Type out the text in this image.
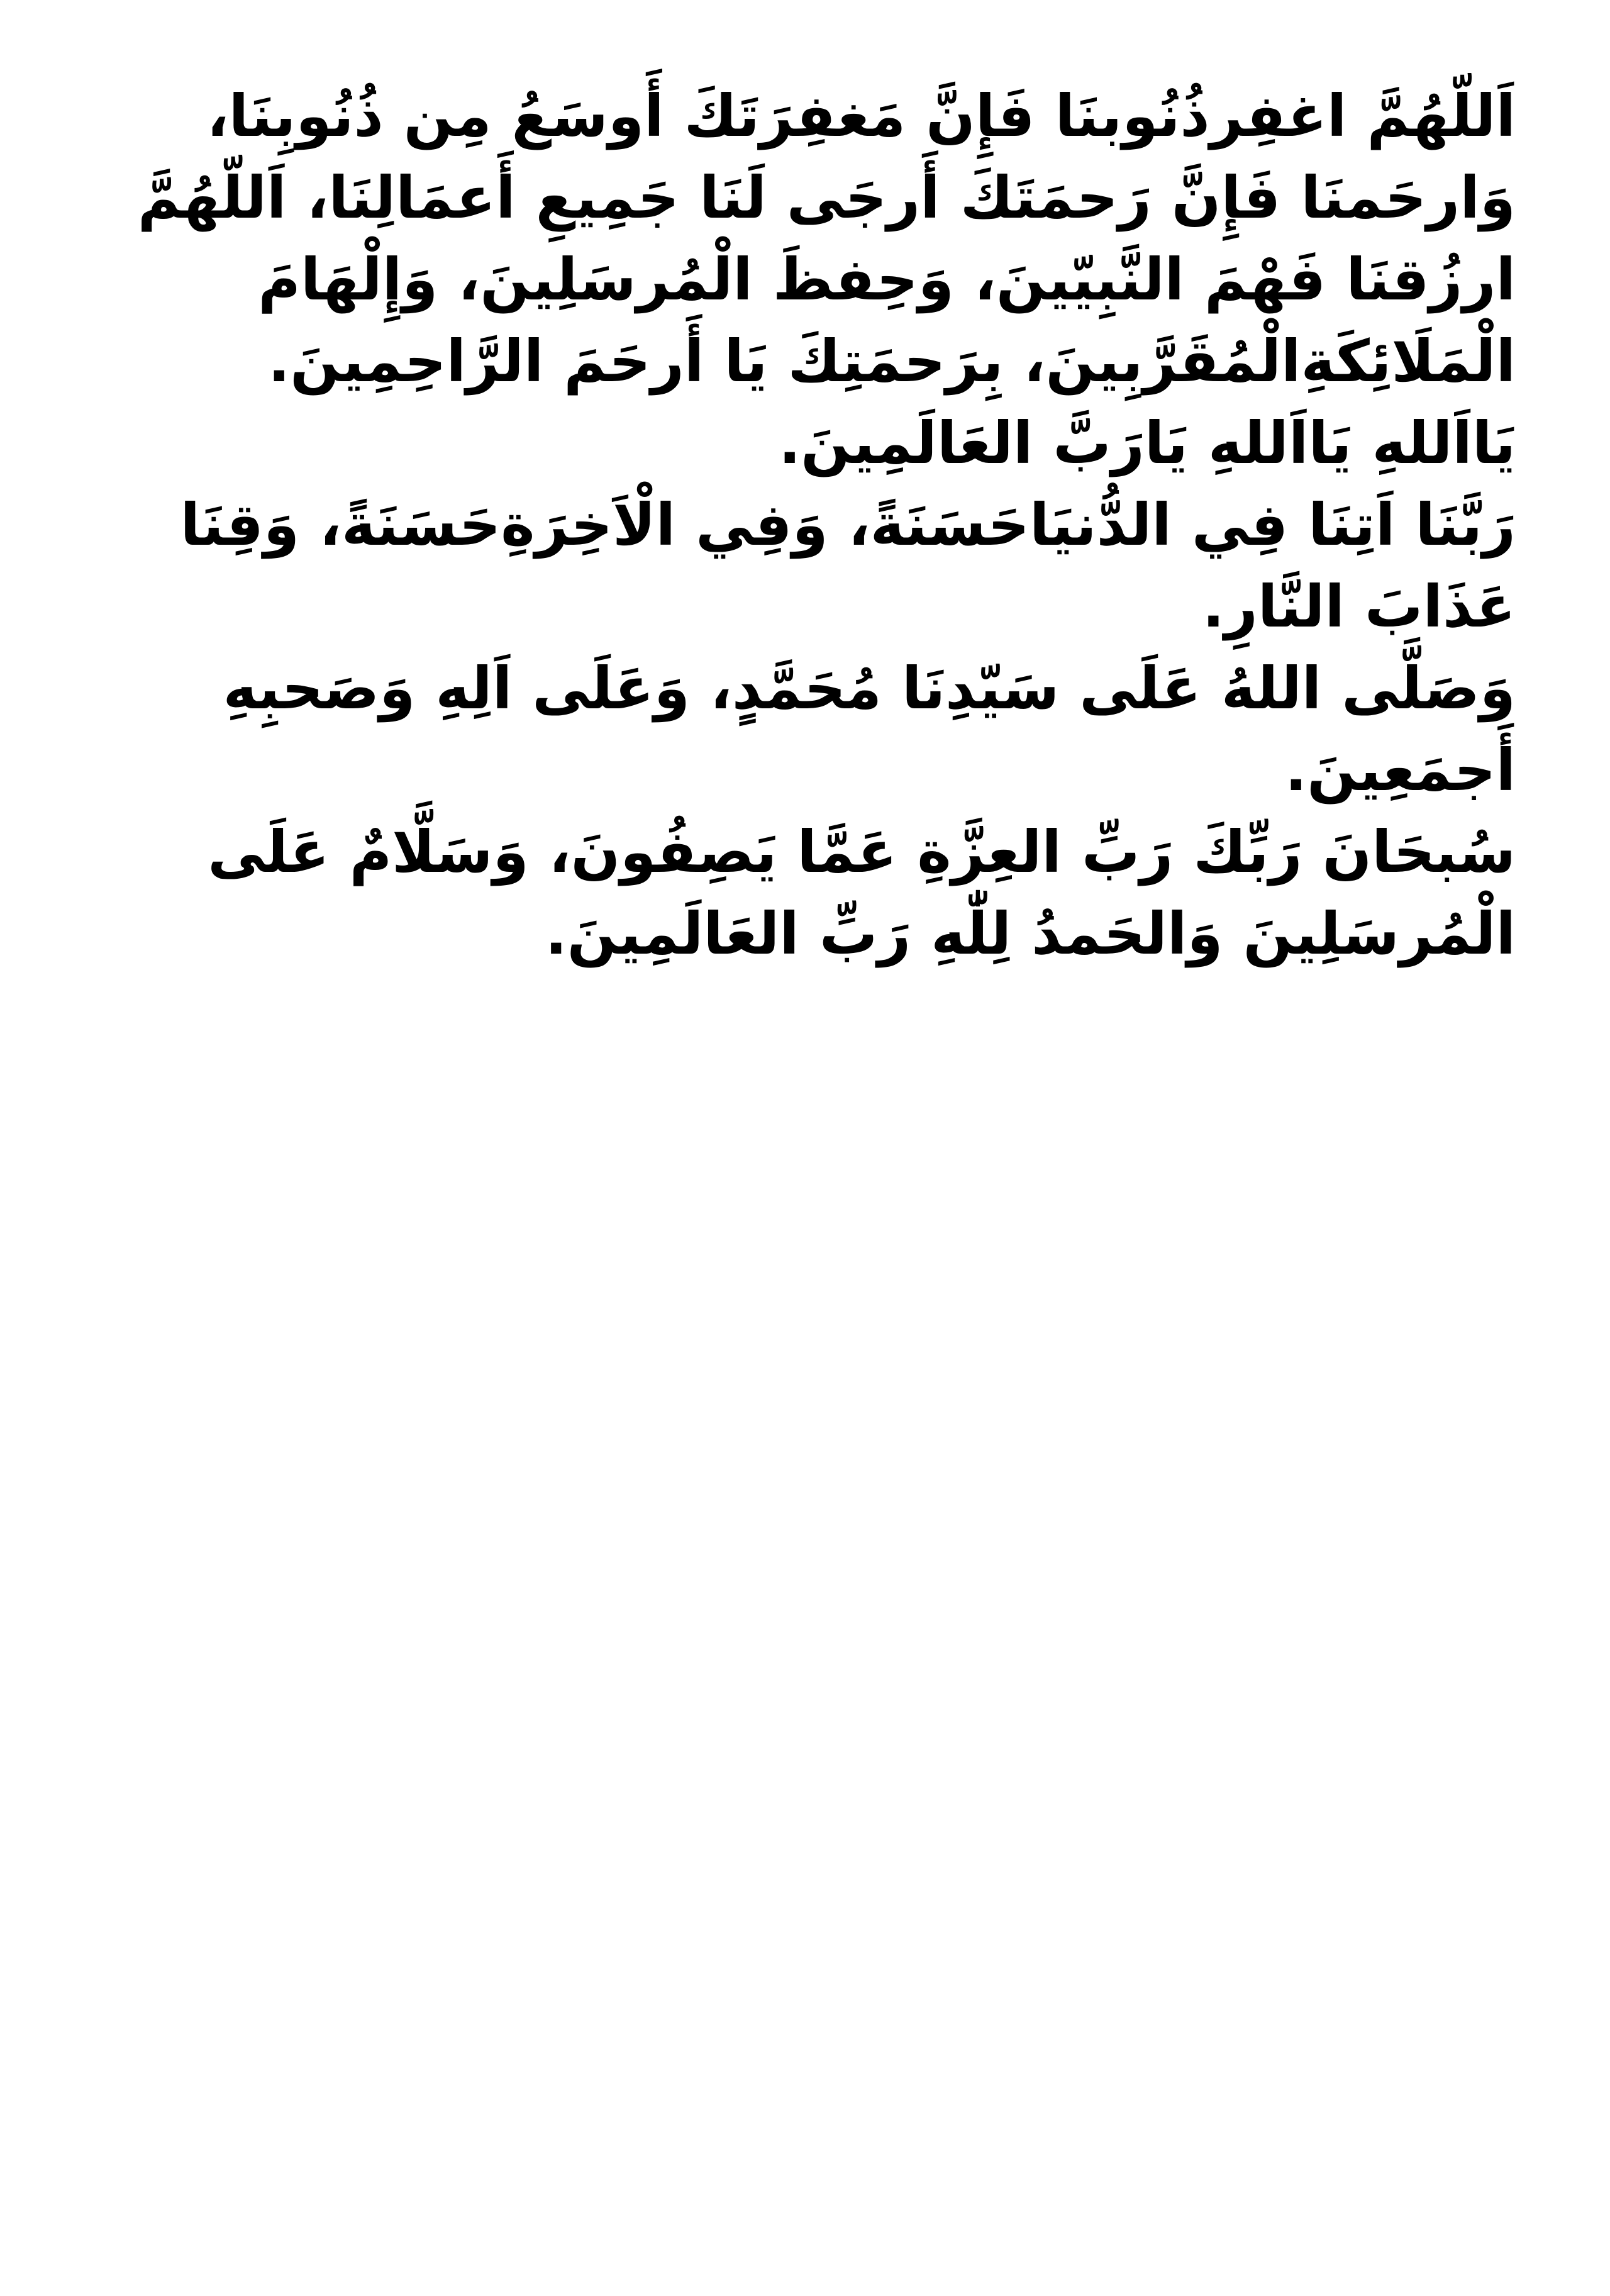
اَللّهُمَّ اغفِرذُنُوبنَا فَإِنَّ مَغفِرَتَكَ أَوسَعُ مِن ذُنُوبِنَا، وَارحَمنَا فَإِنَّ رَحمَتَكَ أَرجَى لَنَا جَمِيعِ أَعمَالِنَا، اَللّهُمَّ ارزُقنَا فَهْمَ النَّبِيّينَ، وَحِفظَ الْمُرسَلِينَ، وَإِلْهَامَ الْمَلَائِكَةِالْمُقَرَّبِينَ، بِرَحمَتِكَ يَا أَرحَمَ الرَّاحِمِينَ.

يَااَللهِ يَااَللهِ يَارَبَّ العَالَمِينَ.

رَبَّنَا اَتِنَا فِي الدُّنيَاحَسَنَةً، وَفِي الْاَخِرَةِحَسَنَةً، وَقِنَا عَذَابَ النَّارِ.

وَصَلَّى اللهُ عَلَى سَيّدِنَا مُحَمَّدٍ، وَعَلَى اَلِهِ وَصَحبِهِ أَجمَعِينَ.

سُبحَانَ رَبِّكَ رَبِّ العِزَّةِ عَمَّا يَصِفُونَ، وَسَلَّامٌ عَلَى الْمُرسَلِينَ وَالحَمدُ لِلّٰهِ رَبِّ العَالَمِينَ.
